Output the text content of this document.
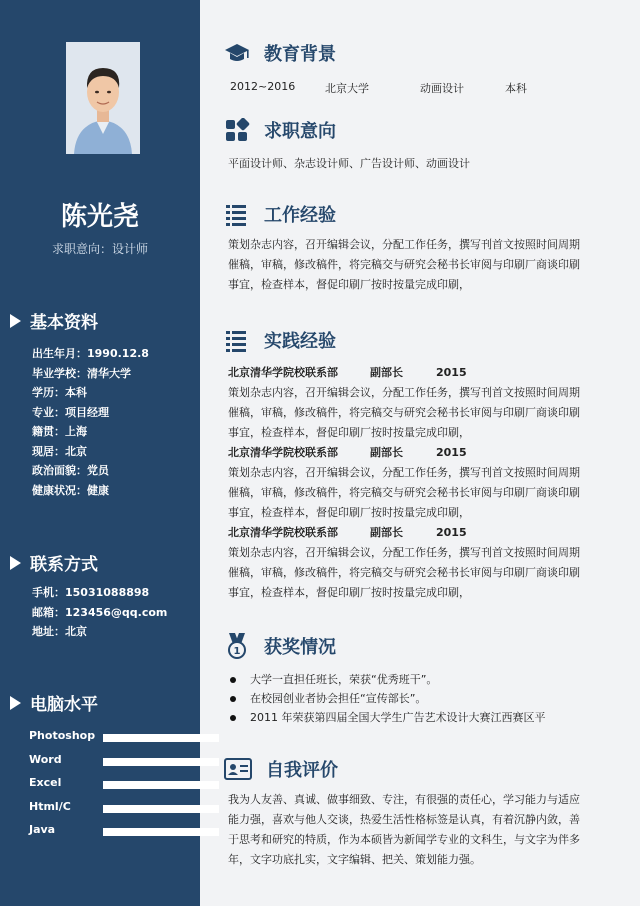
陈光尧
求职意向：设计师
基本资料
出生年月：1990.12.8
毕业学校：清华大学
学历：本科
专业：项目经理
籍贯：上海
现居：北京
政治面貌：党员
健康状况：健康
联系方式
手机：15031088898
邮箱：123456@qq.com
地址：北京
电脑水平
Photoshop
Word
Excel
Html/C
Java
教育背景
2012~2016	北京大学	动画设计	本科
求职意向
平面设计师、杂志设计师、广告设计师、动画设计
工作经验
策划杂志内容，召开编辑会议，分配工作任务，撰写刊首文按照时间周期
催稿，审稿，修改稿件，将完稿交与研究会秘书长审阅与印刷厂商谈印刷
事宜，检查样本，督促印刷厂按时按量完成印刷，
实践经验
北京清华学院校联系部	副部长	2015
策划杂志内容，召开编辑会议，分配工作任务，撰写刊首文按照时间周期
催稿，审稿，修改稿件，将完稿交与研究会秘书长审阅与印刷厂商谈印刷
事宜，检查样本，督促印刷厂按时按量完成印刷，
北京清华学院校联系部	副部长	2015
策划杂志内容，召开编辑会议，分配工作任务，撰写刊首文按照时间周期
催稿，审稿，修改稿件，将完稿交与研究会秘书长审阅与印刷厂商谈印刷
事宜，检查样本，督促印刷厂按时按量完成印刷，
北京清华学院校联系部	副部长	2015
策划杂志内容，召开编辑会议，分配工作任务，撰写刊首文按照时间周期
催稿，审稿，修改稿件，将完稿交与研究会秘书长审阅与印刷厂商谈印刷
事宜，检查样本，督促印刷厂按时按量完成印刷，
1 获奖情况
大学一直担任班长，荣获“优秀班干”。
在校园创业者协会担任“宣传部长”。
2011 年荣获第四届全国大学生广告艺术设计大赛江西赛区平
自我评价
我为人友善、真诚、做事细致、专注，有很强的责任心，学习能力与适应
能力强，喜欢与他人交谈，热爱生活性格标签是认真，有着沉静内敛，善
于思考和研究的特质，作为本硕皆为新闻学专业的文科生，与文字为伴多
年，文字功底扎实，文字编辑、把关、策划能力强。
